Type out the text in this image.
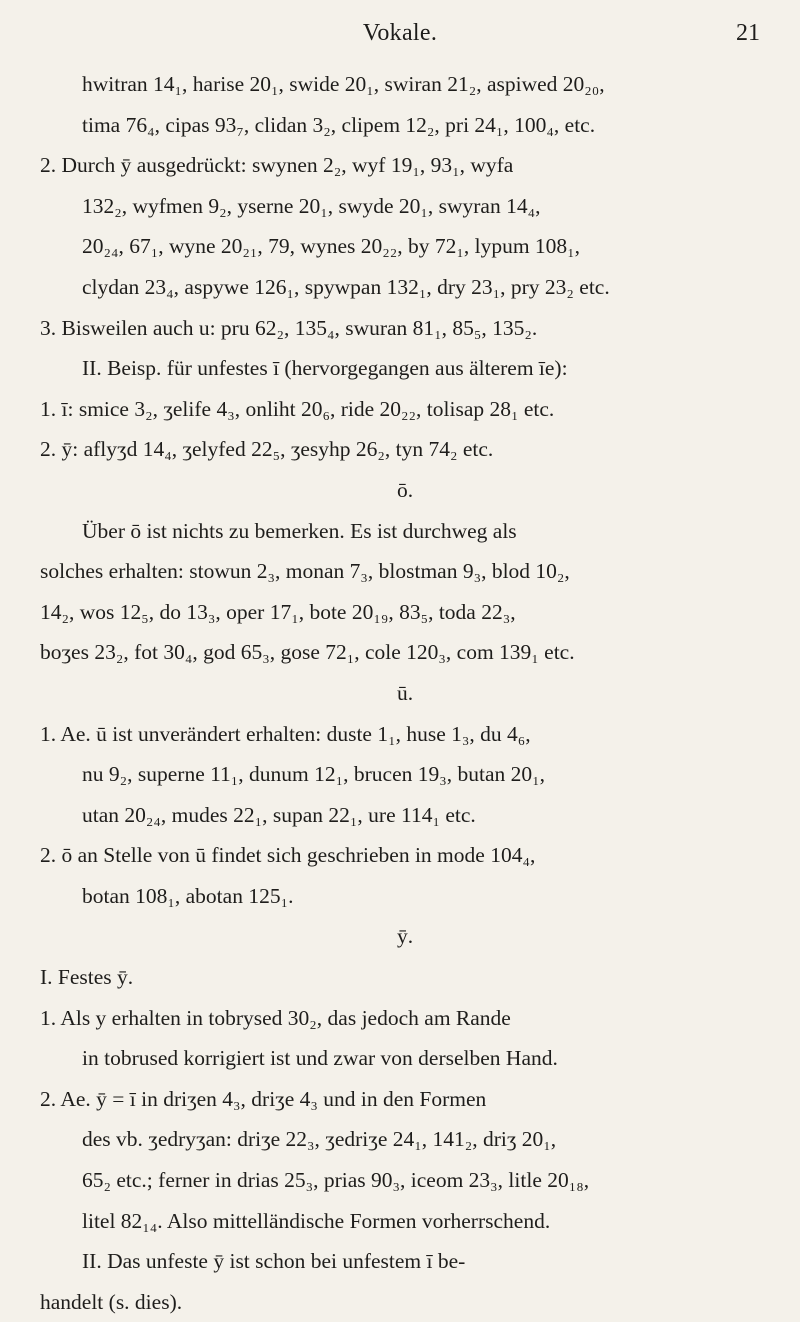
Vokale.	21
hwitran 14₁, harise 20₁, swide 20₁, swiran 21₂, aspiwed 20₂₀,
tima 76₄, cipas 93₇, clidan 3₂, clipem 12₂, pri 24₁, 100₄, etc.
2. Durch ȳ ausgedrückt: swynen 2₂, wyf 19₁, 93₁, wyfa
132₂, wyfmen 9₂, yserne 20₁, swyde 20₁, swyran 14₄,
20₂₄, 67₁, wyne 20₂₁, 79, wynes 20₂₂, by 72₁, lypum 108₁,
clydan 23₄, aspywe 126₁, spywpan 132₁, dry 23₁, pry 23₂ etc.
3. Bisweilen auch u: pru 62₂, 135₄, swuran 81₁, 85₅, 135₂.
II. Beisp. für unfestes ī (hervorgegangen aus älterem īe):
1. ī: smice 3₂, ʒelife 4₃, onliht 20₆, ride 20₂₂, tolisap 28₁ etc.
2. ȳ: aflyʒd 14₄, ʒelyfed 22₅, ʒesyhp 26₂, tyn 74₂ etc.
ō.
Über ō ist nichts zu bemerken. Es ist durchweg als
solches erhalten: stowun 2₃, monan 7₃, blostman 9₃, blod 10₂,
14₂, wos 12₅, do 13₃, oper 17₁, bote 20₁₉, 83₅, toda 22₃,
boʒes 23₂, fot 30₄, god 65₃, gose 72₁, cole 120₃, com 139₁ etc.
ū.
1. Ae. ū ist unverändert erhalten: duste 1₁, huse 1₃, du 4₆,
nu 9₂, superne 11₁, dunum 12₁, brucen 19₃, butan 20₁,
utan 20₂₄, mudes 22₁, supan 22₁, ure 114₁ etc.
2. ō an Stelle von ū findet sich geschrieben in mode 104₄,
botan 108₁, abotan 125₁.
ȳ.
I. Festes ȳ.
1. Als y erhalten in tobrysed 30₂, das jedoch am Rande
in tobrused korrigiert ist und zwar von derselben Hand.
2. Ae. ȳ = ī in driʒen 4₃, driʒe 4₃ und in den Formen
des vb. ʒedryʒan: driʒe 22₃, ʒedriʒe 24₁, 141₂, driʒ 20₁,
65₂ etc.; ferner in drias 25₃, prias 90₃, iceom 23₃, litle 20₁₈,
litel 82₁₄. Also mittelländische Formen vorherrschend.
II. Das unfeste ȳ ist schon bei unfestem ī be-
handelt (s. dies).
